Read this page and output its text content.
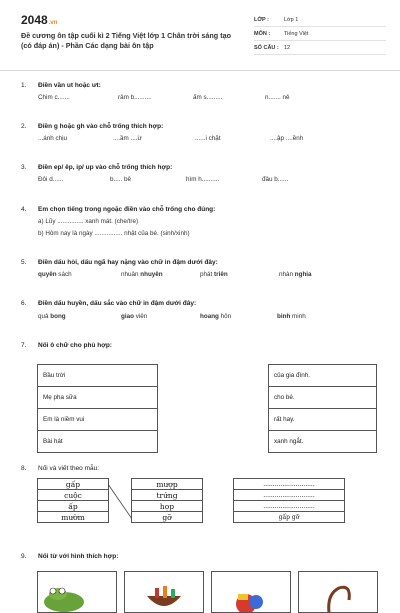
2048.vn
Đề cương ôn tập cuối kì 2 Tiếng Việt lớp 1 Chân trời sáng tạo (có đáp án) - Phần Các dạng bài ôn tập
LỚP :	Lớp 1
MÔN :	Tiếng Việt
SỐ CÂU : 12
1. Điền vần ut hoặc ưt:
Chim c.......	râm b..........	ấm s.........	n....... nẻ
2. Điền g hoặc gh vào chỗ trống thích hợp:
...ánh chịu	....ầm ....ừ	......i chặt	....ập ....ềnh
3. Điền ep/ êp, ip/ up vào chỗ trống thích hợp:
Đôi d......	b..... bê	hìm h..........	đâu b......
4. Em chọn tiếng trong ngoặc điền vào chỗ trống cho đúng:
a) Lũy ............... xanh mát. (che/tre)
b) Hôm nay là ngày ................ nhật của bé. (sinh/xinh)
5. Điền dấu hỏi, dấu ngã hay nặng vào chữ in đậm dưới đây:
quyên sách	nhuân nhuyên	phát triên	nhàn nghia
6. Điền dấu huyền, dấu sắc vào chữ in đậm dưới đây:
quả bong	giao viên	hoang hôn	binh minh
7. Nối ô chữ cho phù hợp:
Bầu trời		của gia đình.
Mẹ pha sữa		cho bé.
Em là niềm vui		rất hay.
Bài hát		xanh ngắt.
8. Nối và viết theo mẫu:
gấp		mượp		...........................
cuộc		trứng		...........................
ấp		họp		...........................
mườm		gỡ		gấp gỡ
9. Nối từ với hình thích hợp:
